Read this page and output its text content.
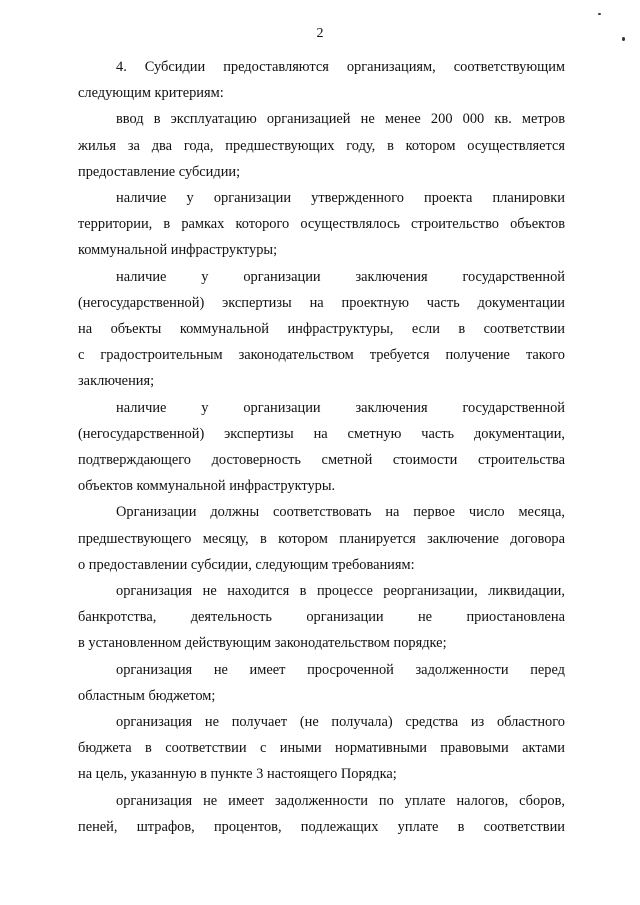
2
4. Субсидии предоставляются организациям, соответствующим
следующим критериям:
ввод в эксплуатацию организацией не менее 200 000 кв. метров
жилья за два года, предшествующих году, в котором осуществляется
предоставление субсидии;
наличие у организации утвержденного проекта планировки
территории, в рамках которого осуществлялось строительство объектов
коммунальной инфраструктуры;
наличие у организации заключения государственной
(негосударственной) экспертизы на проектную часть документации
на объекты коммунальной инфраструктуры, если в соответствии
с градостроительным законодательством требуется получение такого
заключения;
наличие у организации заключения государственной
(негосударственной) экспертизы на сметную часть документации,
подтверждающего достоверность сметной стоимости строительства
объектов коммунальной инфраструктуры.
Организации должны соответствовать на первое число месяца,
предшествующего месяцу, в котором планируется заключение договора
о предоставлении субсидии, следующим требованиям:
организация не находится в процессе реорганизации, ликвидации,
банкротства, деятельность организации не приостановлена
в установленном действующим законодательством порядке;
организация не имеет просроченной задолженности перед
областным бюджетом;
организация не получает (не получала) средства из областного
бюджета в соответствии с иными нормативными правовыми актами
на цель, указанную в пункте 3 настоящего Порядка;
организация не имеет задолженности по уплате налогов, сборов,
пеней, штрафов, процентов, подлежащих уплате в соответствии
